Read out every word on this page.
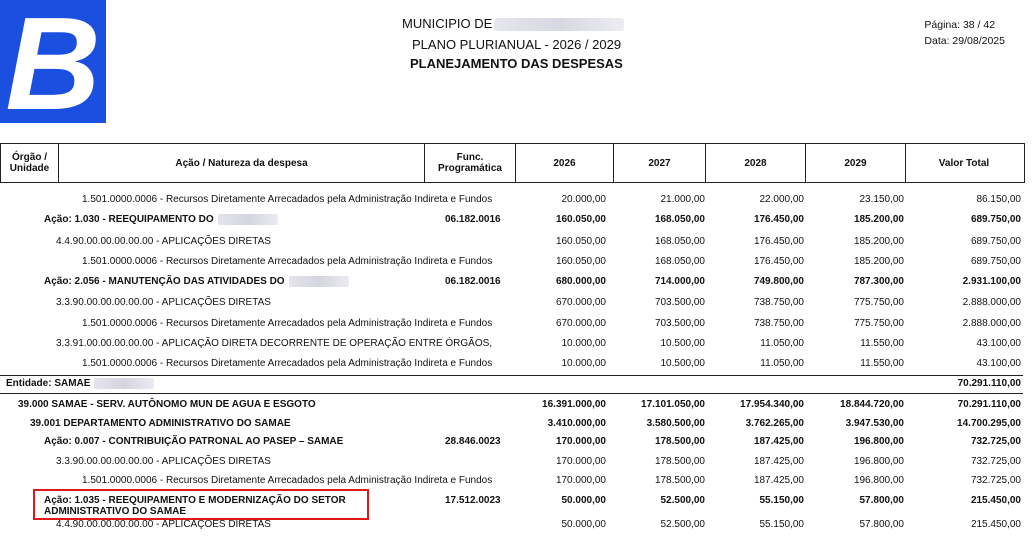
B	MUNICIPIO DE
PLANO PLURIANUAL - 2026 / 2029
PLANEJAMENTO DAS DESPESAS
Página: 38 / 42
Data: 29/08/2025
Órgão / Unidade	Ação / Natureza da despesa	Func. Programática	2026	2027	2028	2029	Valor Total
1.501.0000.0006 - Recursos Diretamente Arrecadados pela Administração Indireta e Fundos	20.000,00	21.000,00	22.000,00	23.150,00	86.150,00
Ação: 1.030 - REEQUIPAMENTO DO	06.182.0016	160.050,00	168.050,00	176.450,00	185.200,00	689.750,00
4.4.90.00.00.00.00.00 - APLICAÇÕES DIRETAS	160.050,00	168.050,00	176.450,00	185.200,00	689.750,00
1.501.0000.0006 - Recursos Diretamente Arrecadados pela Administração Indireta e Fundos	160.050,00	168.050,00	176.450,00	185.200,00	689.750,00
Ação: 2.056 - MANUTENÇÃO DAS ATIVIDADES DO	06.182.0016	680.000,00	714.000,00	749.800,00	787.300,00	2.931.100,00
3.3.90.00.00.00.00.00 - APLICAÇÕES DIRETAS	670.000,00	703.500,00	738.750,00	775.750,00	2.888.000,00
1.501.0000.0006 - Recursos Diretamente Arrecadados pela Administração Indireta e Fundos	670.000,00	703.500,00	738.750,00	775.750,00	2.888.000,00
3.3.91.00.00.00.00.00 - APLICAÇÃO DIRETA DECORRENTE DE OPERAÇÃO ENTRE ÓRGÃOS,	10.000,00	10.500,00	11.050,00	11.550,00	43.100,00
1.501.0000.0006 - Recursos Diretamente Arrecadados pela Administração Indireta e Fundos	10.000,00	10.500,00	11.050,00	11.550,00	43.100,00
Entidade: SAMAE	70.291.110,00
39.000 SAMAE - SERV. AUTÔNOMO MUN DE AGUA E ESGOTO	16.391.000,00	17.101.050,00	17.954.340,00	18.844.720,00	70.291.110,00
39.001 DEPARTAMENTO ADMINISTRATIVO DO SAMAE	3.410.000,00	3.580.500,00	3.762.265,00	3.947.530,00	14.700.295,00
Ação: 0.007 - CONTRIBUIÇÃO PATRONAL AO PASEP – SAMAE	28.846.0023	170.000,00	178.500,00	187.425,00	196.800,00	732.725,00
3.3.90.00.00.00.00.00 - APLICAÇÕES DIRETAS	170.000,00	178.500,00	187.425,00	196.800,00	732.725,00
1.501.0000.0006 - Recursos Diretamente Arrecadados pela Administração Indireta e Fundos	170.000,00	178.500,00	187.425,00	196.800,00	732.725,00
Ação: 1.035 - REEQUIPAMENTO E MODERNIZAÇÃO DO SETOR
ADMINISTRATIVO DO SAMAE
17.512.0023	50.000,00	52.500,00	55.150,00	57.800,00	215.450,00
4.4.90.00.00.00.00.00 - APLICAÇÕES DIRETAS	50.000,00	52.500,00	55.150,00	57.800,00	215.450,00
